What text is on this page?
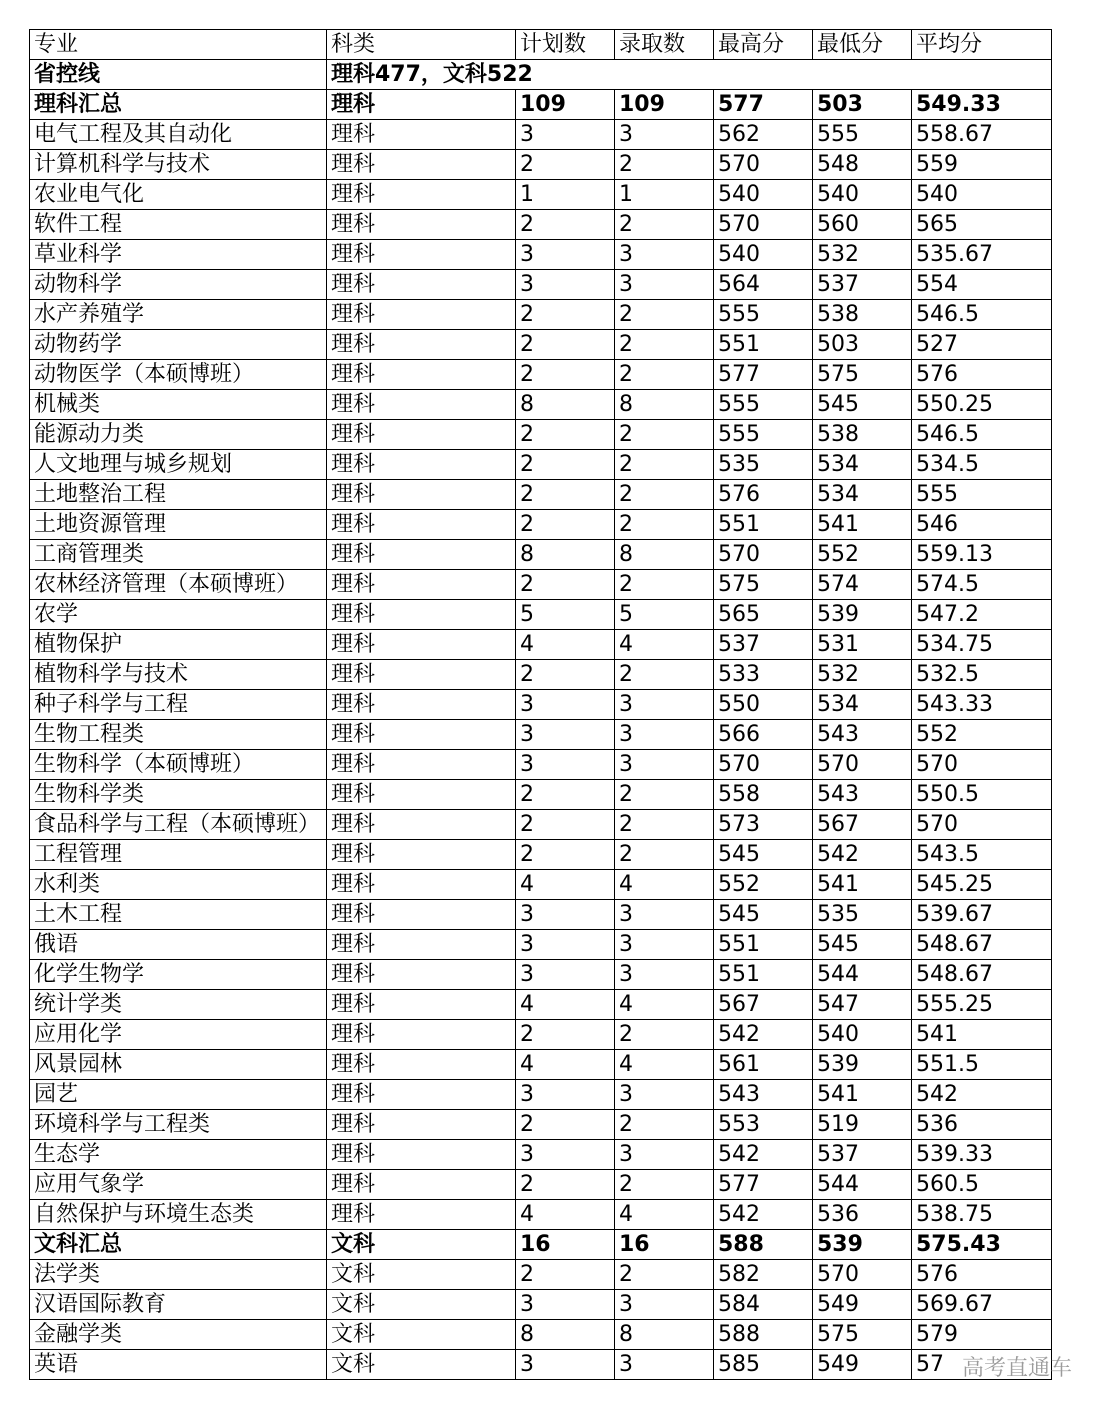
专业	科类	计划数	录取数	最高分	最低分	平均分
省控线	理科477，文科522					
理科汇总	理科	109	109	577	503	549.33
电气工程及其自动化	理科	3	3	562	555	558.67
计算机科学与技术	理科	2	2	570	548	559
农业电气化	理科	1	1	540	540	540
软件工程	理科	2	2	570	560	565
草业科学	理科	3	3	540	532	535.67
动物科学	理科	3	3	564	537	554
水产养殖学	理科	2	2	555	538	546.5
动物药学	理科	2	2	551	503	527
动物医学（本硕博班）	理科	2	2	577	575	576
机械类	理科	8	8	555	545	550.25
能源动力类	理科	2	2	555	538	546.5
人文地理与城乡规划	理科	2	2	535	534	534.5
土地整治工程	理科	2	2	576	534	555
土地资源管理	理科	2	2	551	541	546
工商管理类	理科	8	8	570	552	559.13
农林经济管理（本硕博班）	理科	2	2	575	574	574.5
农学	理科	5	5	565	539	547.2
植物保护	理科	4	4	537	531	534.75
植物科学与技术	理科	2	2	533	532	532.5
种子科学与工程	理科	3	3	550	534	543.33
生物工程类	理科	3	3	566	543	552
生物科学（本硕博班）	理科	3	3	570	570	570
生物科学类	理科	2	2	558	543	550.5
食品科学与工程（本硕博班）	理科	2	2	573	567	570
工程管理	理科	2	2	545	542	543.5
水利类	理科	4	4	552	541	545.25
土木工程	理科	3	3	545	535	539.67
俄语	理科	3	3	551	545	548.67
化学生物学	理科	3	3	551	544	548.67
统计学类	理科	4	4	567	547	555.25
应用化学	理科	2	2	542	540	541
风景园林	理科	4	4	561	539	551.5
园艺	理科	3	3	543	541	542
环境科学与工程类	理科	2	2	553	519	536
生态学	理科	3	3	542	537	539.33
应用气象学	理科	2	2	577	544	560.5
自然保护与环境生态类	理科	4	4	542	536	538.75
文科汇总	文科	16	16	588	539	575.43
法学类	文科	2	2	582	570	576
汉语国际教育	文科	3	3	584	549	569.67
金融学类	文科	8	8	588	575	579
英语	文科	3	3	585	549	57 高考直通车
